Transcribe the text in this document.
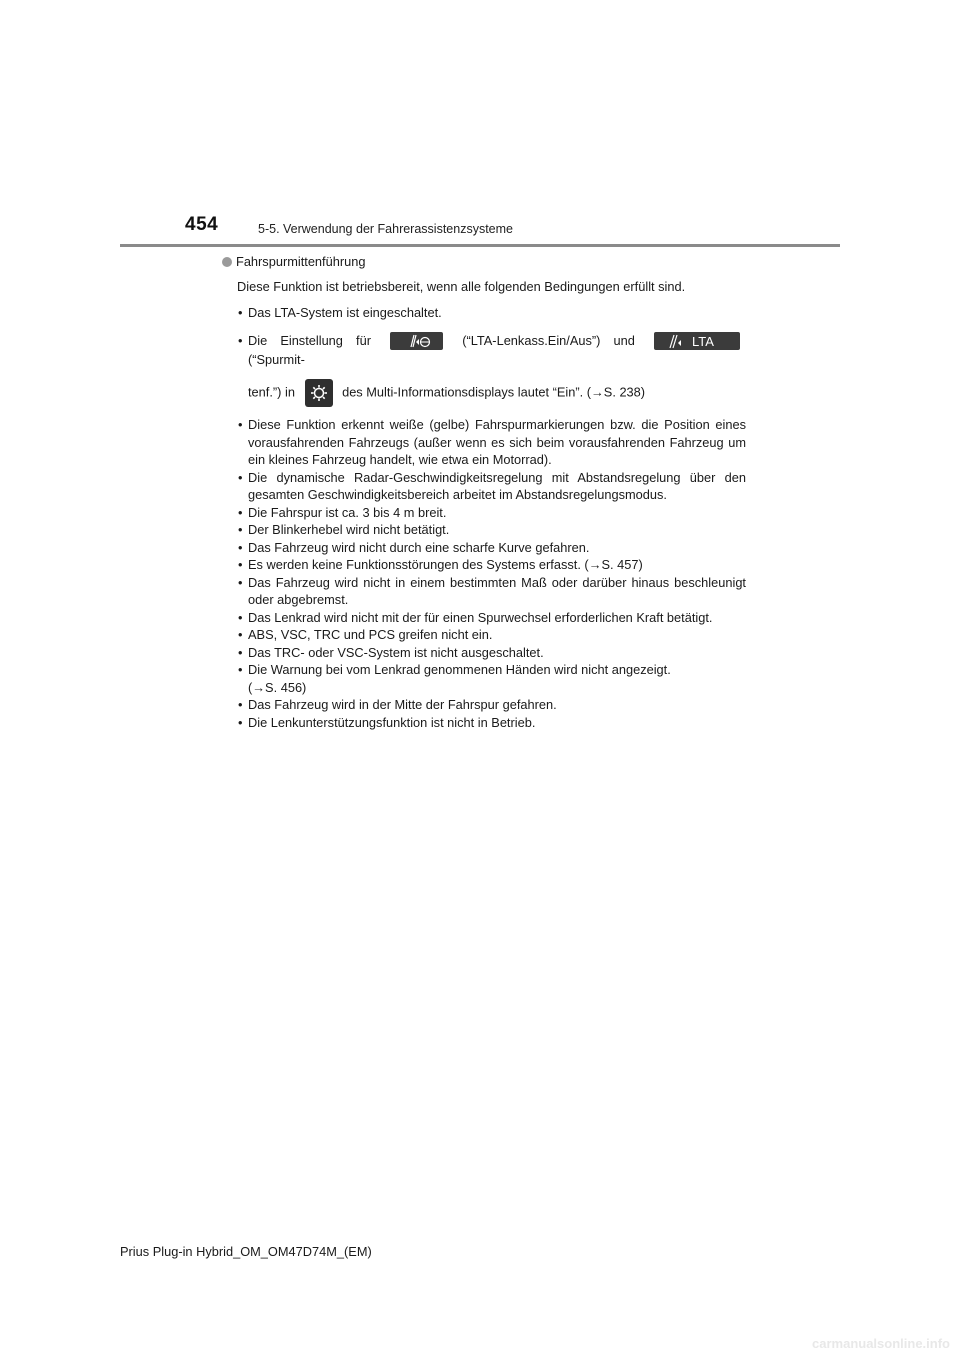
454	5-5. Verwendung der Fahrerassistenzsysteme
Fahrspurmittenführung
Diese Funktion ist betriebsbereit, wenn alle folgenden Bedingungen erfüllt sind.
• Das LTA-System ist eingeschaltet.
• Die Einstellung für	(“LTA-Lenkass.Ein/Aus”) und	LTA
(“Spurmit-
tenf.”) in	des Multi-Informationsdisplays lautet “Ein”. (→S. 238)
• Diese Funktion erkennt weiße (gelbe) Fahrspurmarkierungen bzw. die Position eines vorausfahrenden Fahrzeugs (außer wenn es sich beim vorausfahrenden Fahrzeug um ein kleines Fahrzeug handelt, wie etwa ein Motorrad).
• Die dynamische Radar-Geschwindigkeitsregelung mit Abstandsregelung über den gesamten Geschwindigkeitsbereich arbeitet im Abstandsregelungsmodus.
• Die Fahrspur ist ca. 3 bis 4 m breit.
• Der Blinkerhebel wird nicht betätigt.
• Das Fahrzeug wird nicht durch eine scharfe Kurve gefahren.
• Es werden keine Funktionsstörungen des Systems erfasst. (→S. 457)
• Das Fahrzeug wird nicht in einem bestimmten Maß oder darüber hinaus beschleunigt oder abgebremst.
• Das Lenkrad wird nicht mit der für einen Spurwechsel erforderlichen Kraft betätigt.
• ABS, VSC, TRC und PCS greifen nicht ein.
• Das TRC- oder VSC-System ist nicht ausgeschaltet.
• Die Warnung bei vom Lenkrad genommenen Händen wird nicht angezeigt.
(→S. 456)
• Das Fahrzeug wird in der Mitte der Fahrspur gefahren.
• Die Lenkunterstützungsfunktion ist nicht in Betrieb.
Prius Plug-in Hybrid_OM_OM47D74M_(EM)
carmanualsonline.info
